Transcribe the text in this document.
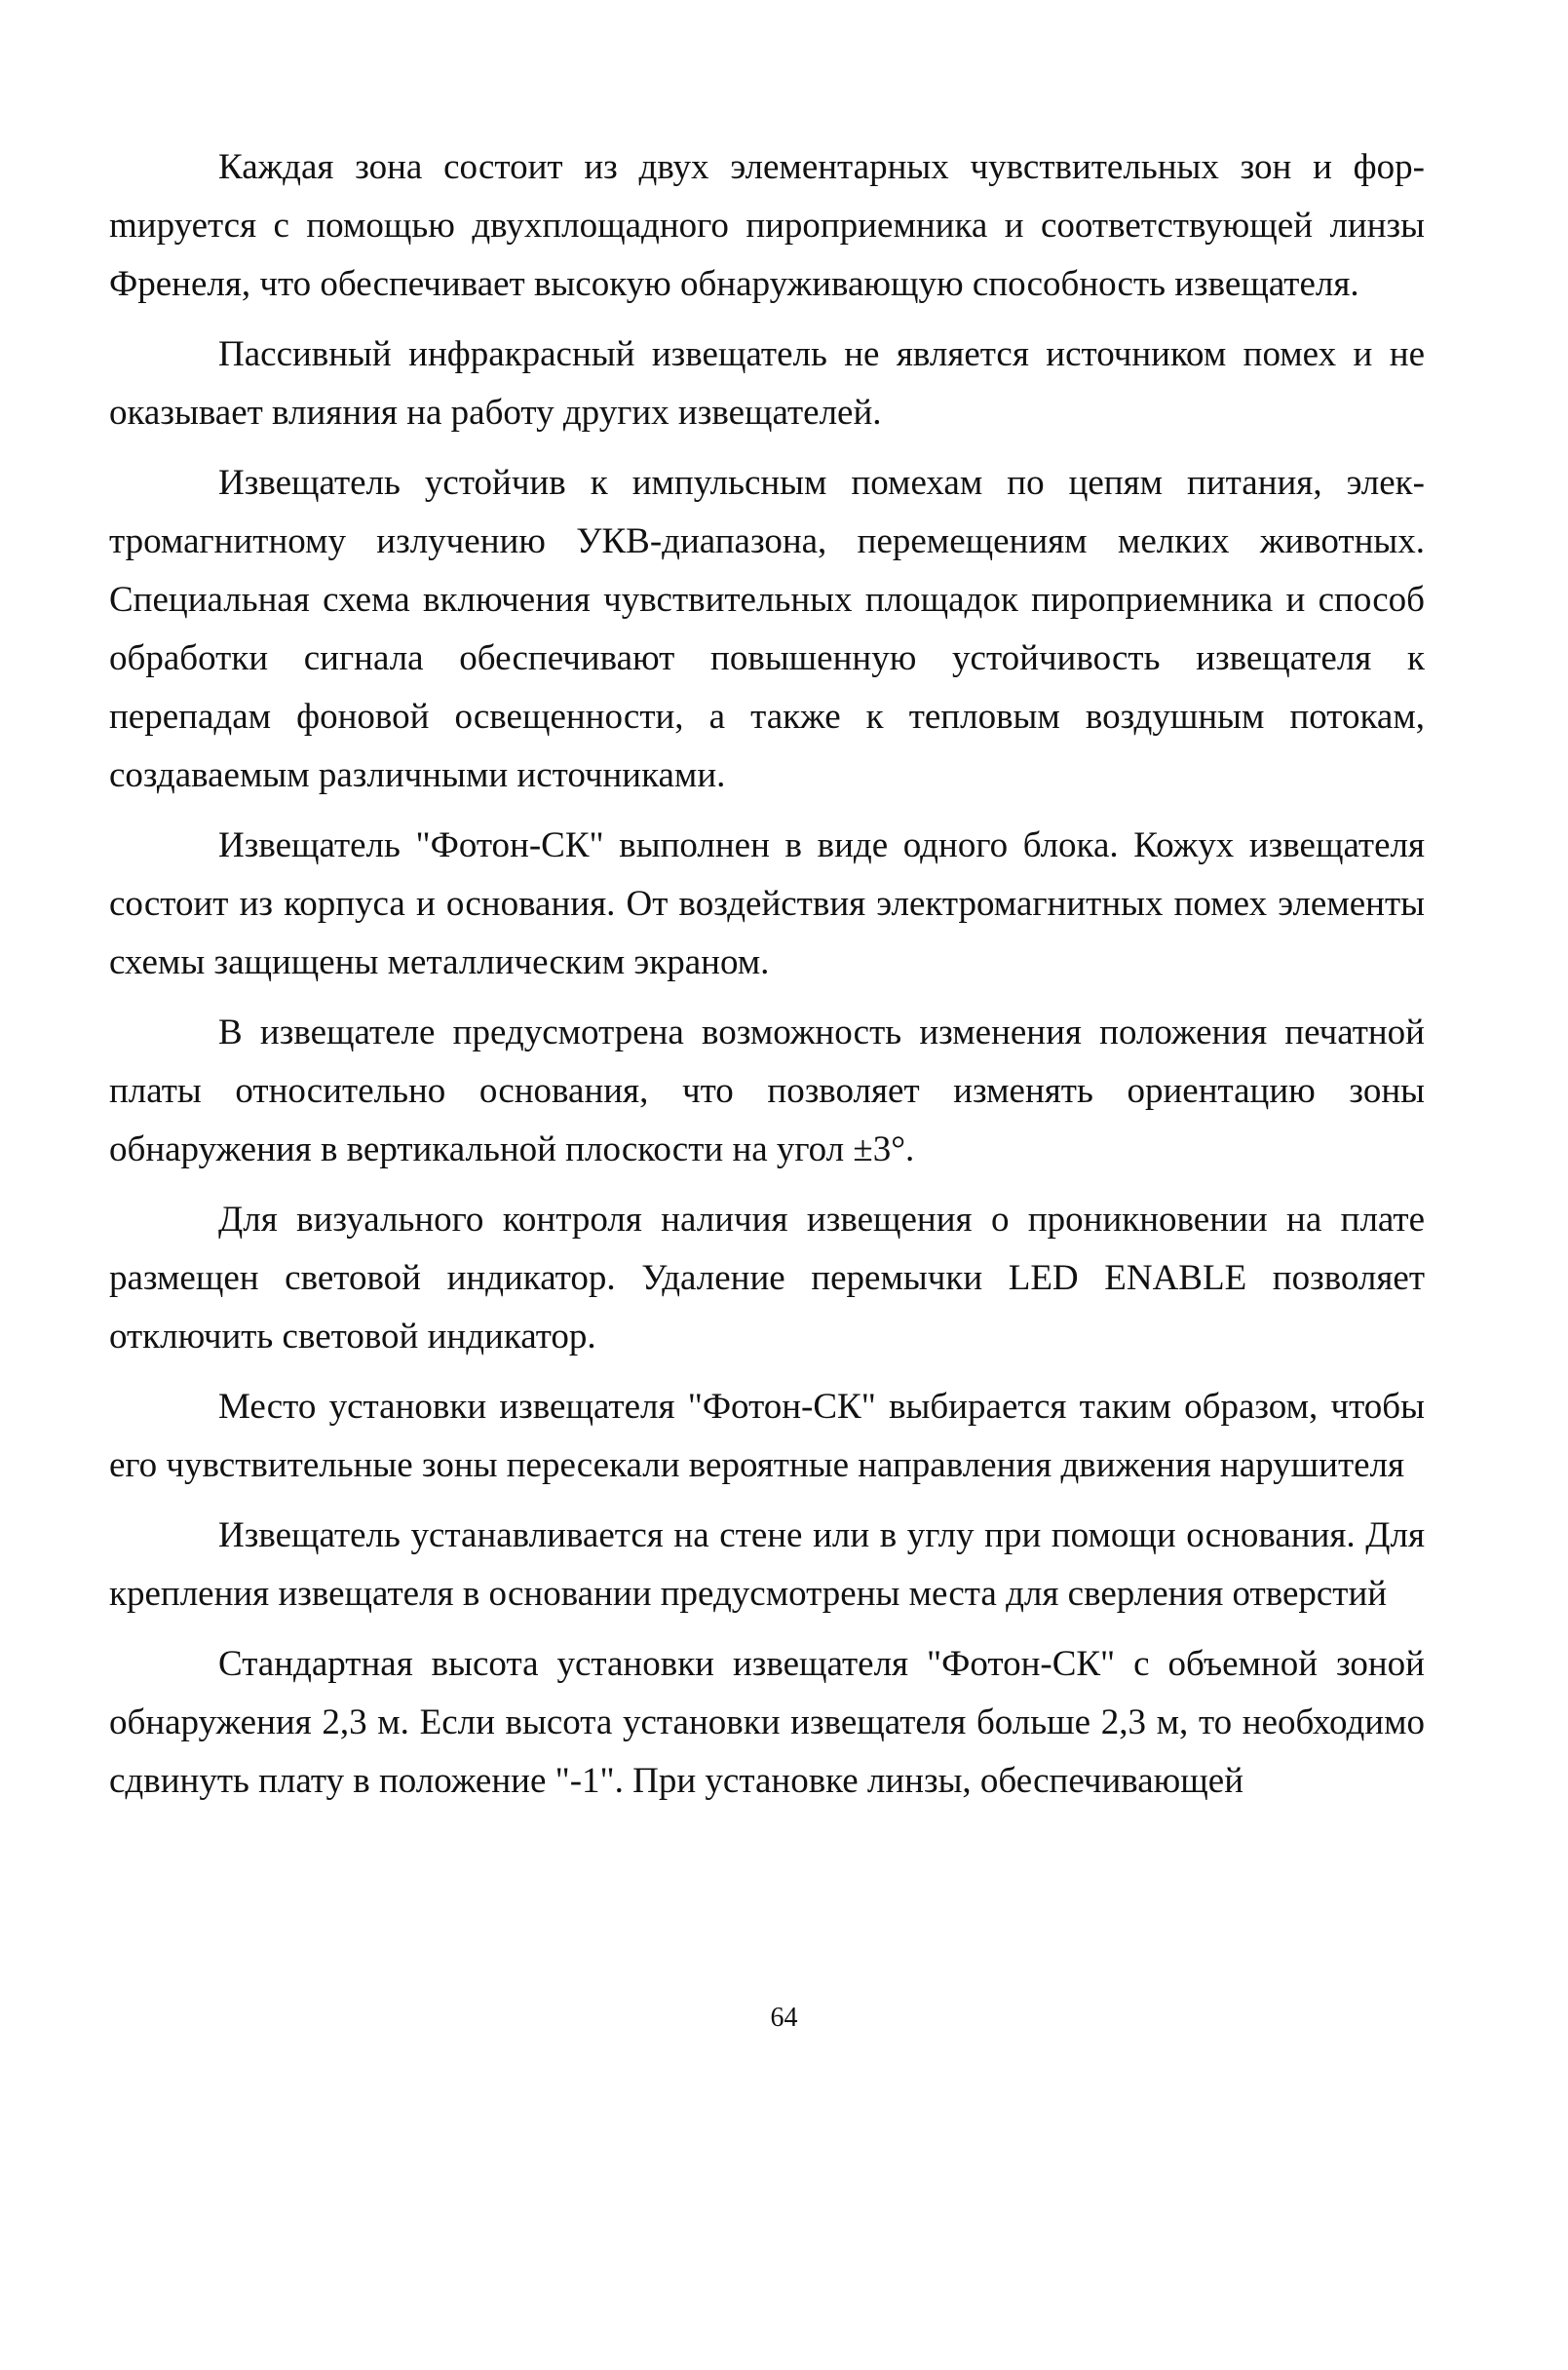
Каждая зона состоит из двух элементарных чувствительных зон и форmируется с помощью двухплощадного пироприемника и соответствующей линзы Френеля, что обеспечивает высокую обнаруживающую способность извещателя.

Пассивный инфракрасный извещатель не является источником помех и не оказывает влияния на работу других извещателей.

Извещатель устойчив к импульсным помехам по цепям питания, электромагнитному излучению УКВ-диапазона, перемещениям мелких животных. Специальная схема включения чувствительных площадок пироприемника и способ обработки сигнала обеспечивают повышенную устойчивость извещателя к перепадам фоновой освещенности, а также к тепловым воздушным потокам, создаваемым различными источниками.

Извещатель "Фотон-СК" выполнен в виде одного блока. Кожух извещателя состоит из корпуса и основания. От воздействия электромагнитных помех элементы схемы защищены металлическим экраном.

В извещателе предусмотрена возможность изменения положения печатной платы относительно основания, что позволяет изменять ориентацию зоны обнаружения в вертикальной плоскости на угол ±3°.

Для визуального контроля наличия извещения о проникновении на плате размещен световой индикатор. Удаление перемычки LED ENABLE позволяет отключить световой индикатор.

Место установки извещателя "Фотон-СК" выбирается таким образом, чтобы его чувствительные зоны пересекали вероятные направления движения нарушителя

Извещатель устанавливается на стене или в углу при помощи основания. Для крепления извещателя в основании предусмотрены места для сверления отверстий

Стандартная высота установки извещателя "Фотон-СК" с объемной зоной обнаружения 2,3 м. Если высота установки извещателя больше 2,3 м, то необходимо сдвинуть плату в положение "-1". При установке линзы, обеспечивающей

64
